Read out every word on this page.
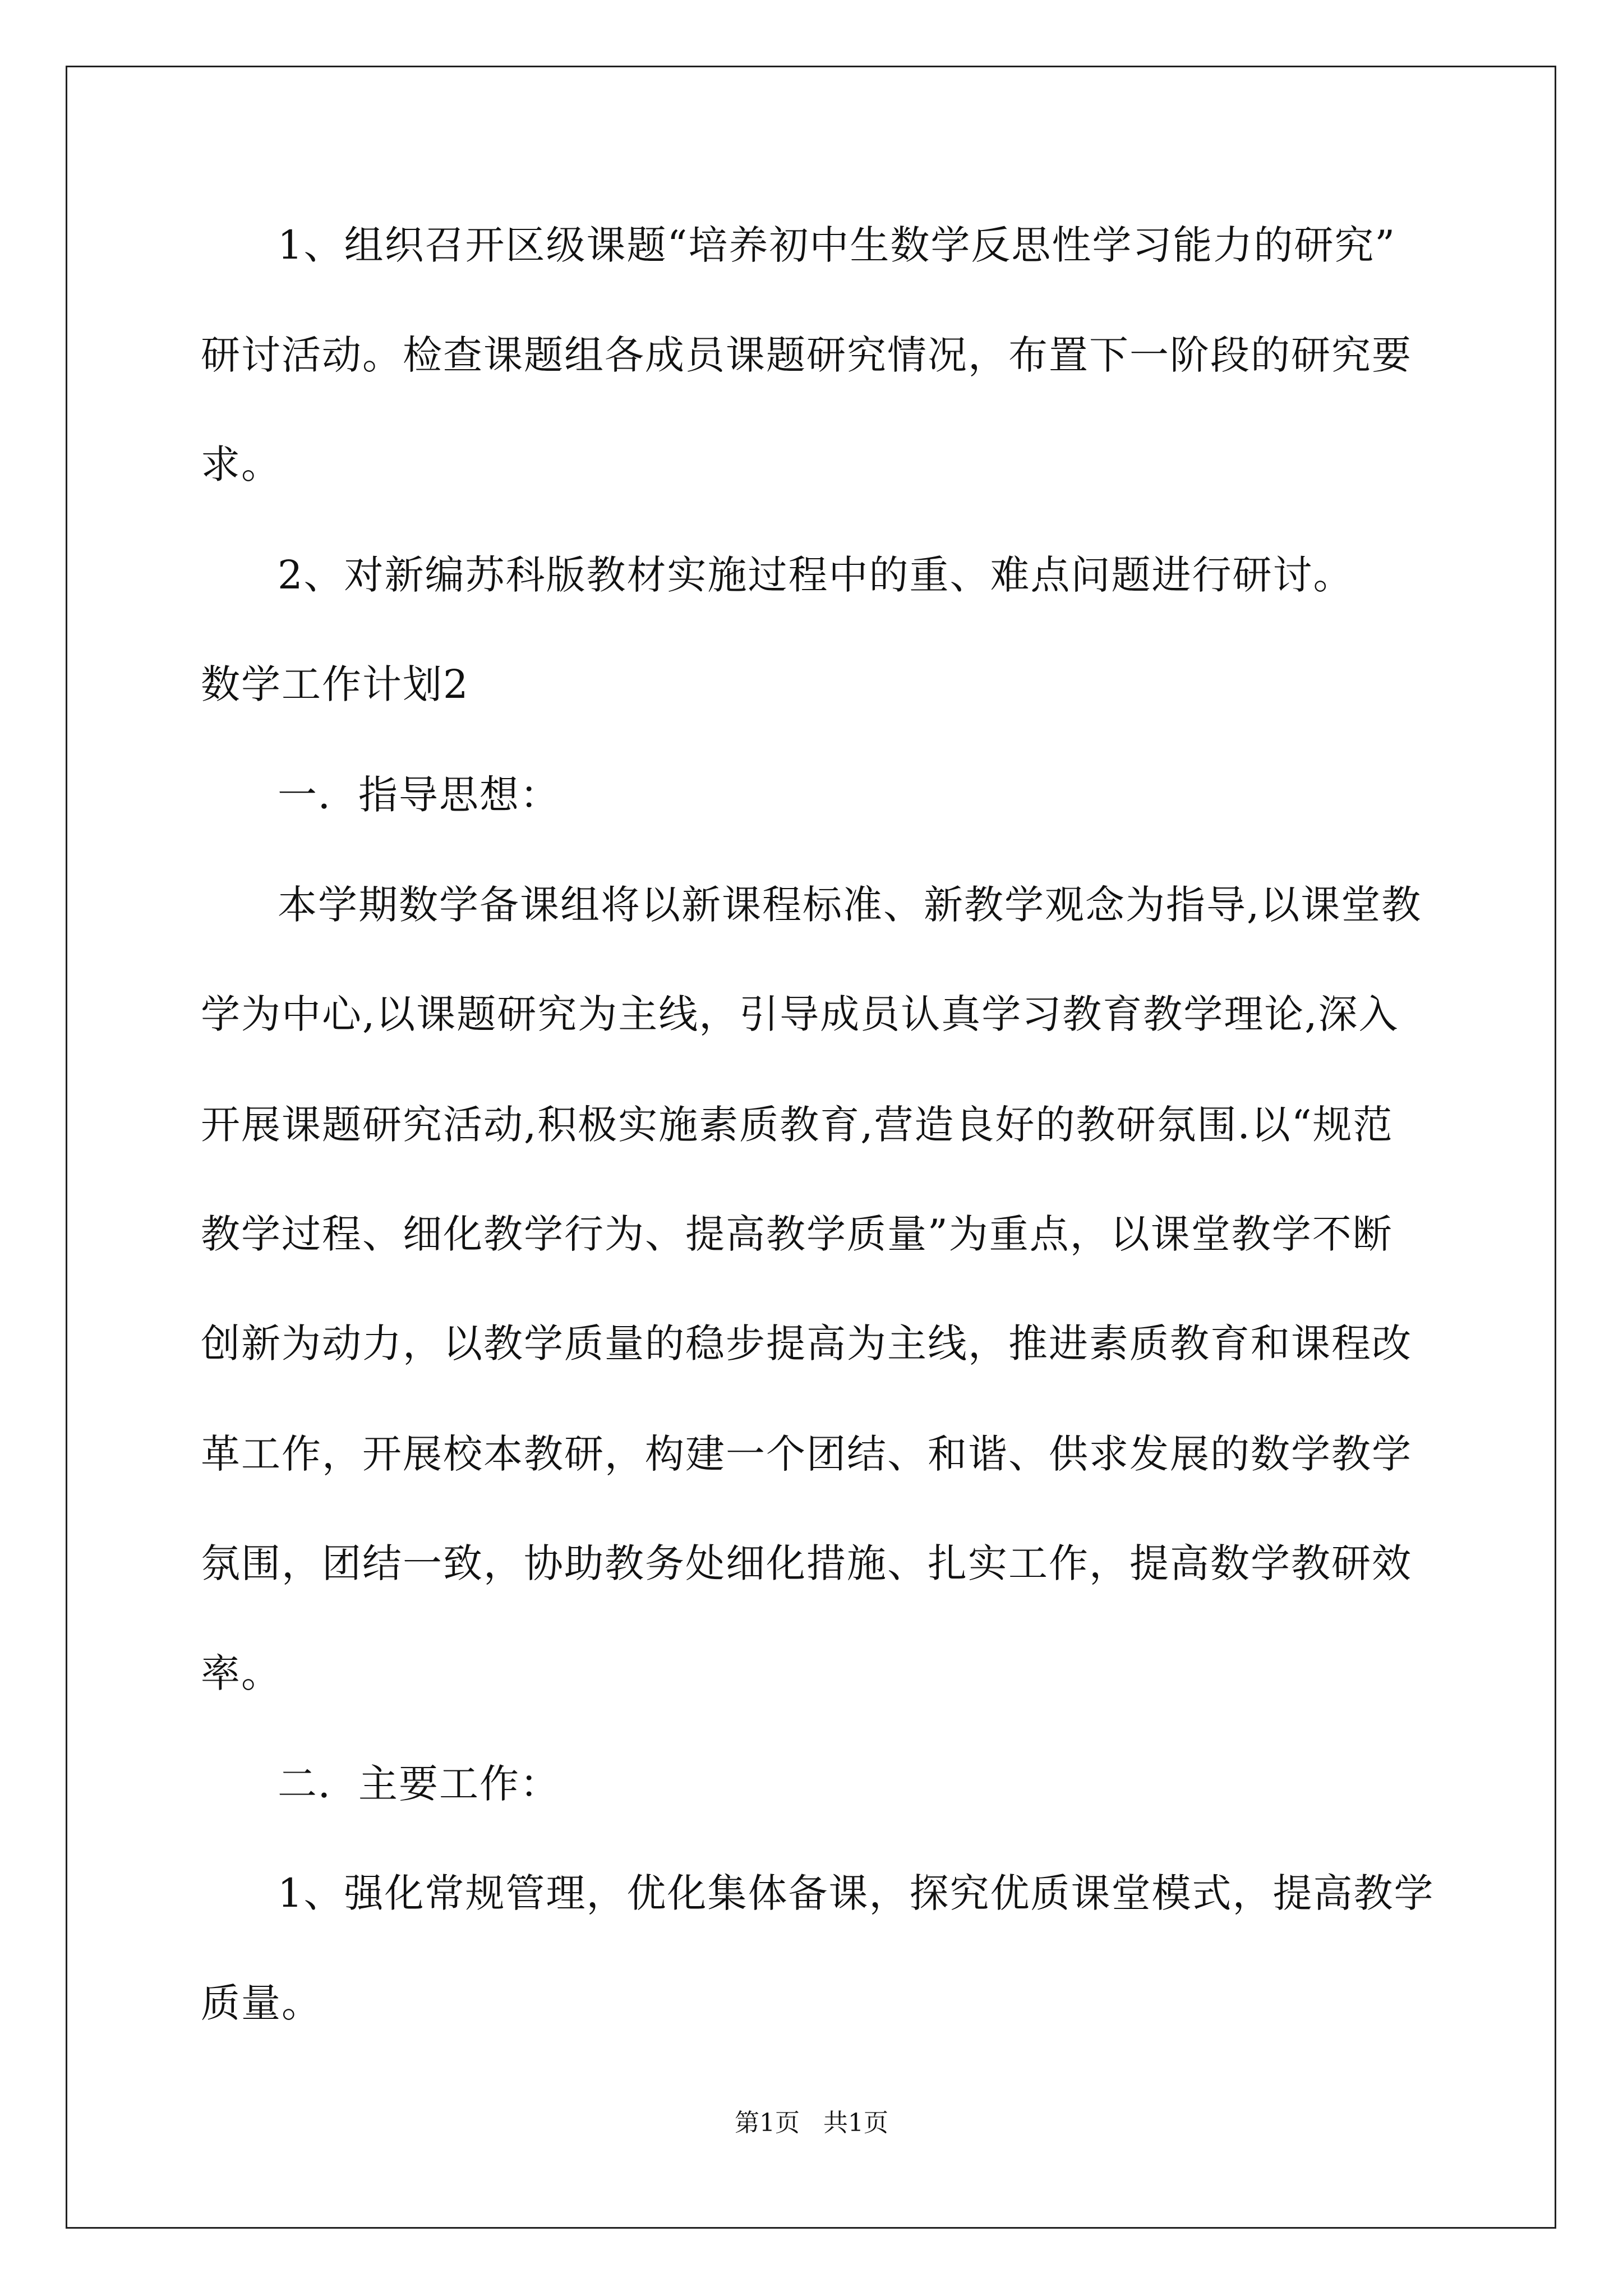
1、组织召开区级课题“培养初中生数学反思性学习能力的研究”
研讨活动。检查课题组各成员课题研究情况，布置下一阶段的研究要
求。
2、对新编苏科版教材实施过程中的重、难点问题进行研讨。
数学工作计划2
一．指导思想：
本学期数学备课组将以新课程标准、新教学观念为指导,以课堂教
学为中心,以课题研究为主线，引导成员认真学习教育教学理论,深入
开展课题研究活动,积极实施素质教育,营造良好的教研氛围.以“规范
教学过程、细化教学行为、提高教学质量”为重点，以课堂教学不断
创新为动力，以教学质量的稳步提高为主线，推进素质教育和课程改
革工作，开展校本教研，构建一个团结、和谐、供求发展的数学教学
氛围，团结一致，协助教务处细化措施、扎实工作，提高数学教研效
率。
二．主要工作：
1、强化常规管理，优化集体备课，探究优质课堂模式，提高教学
质量。
第1页   共1页
